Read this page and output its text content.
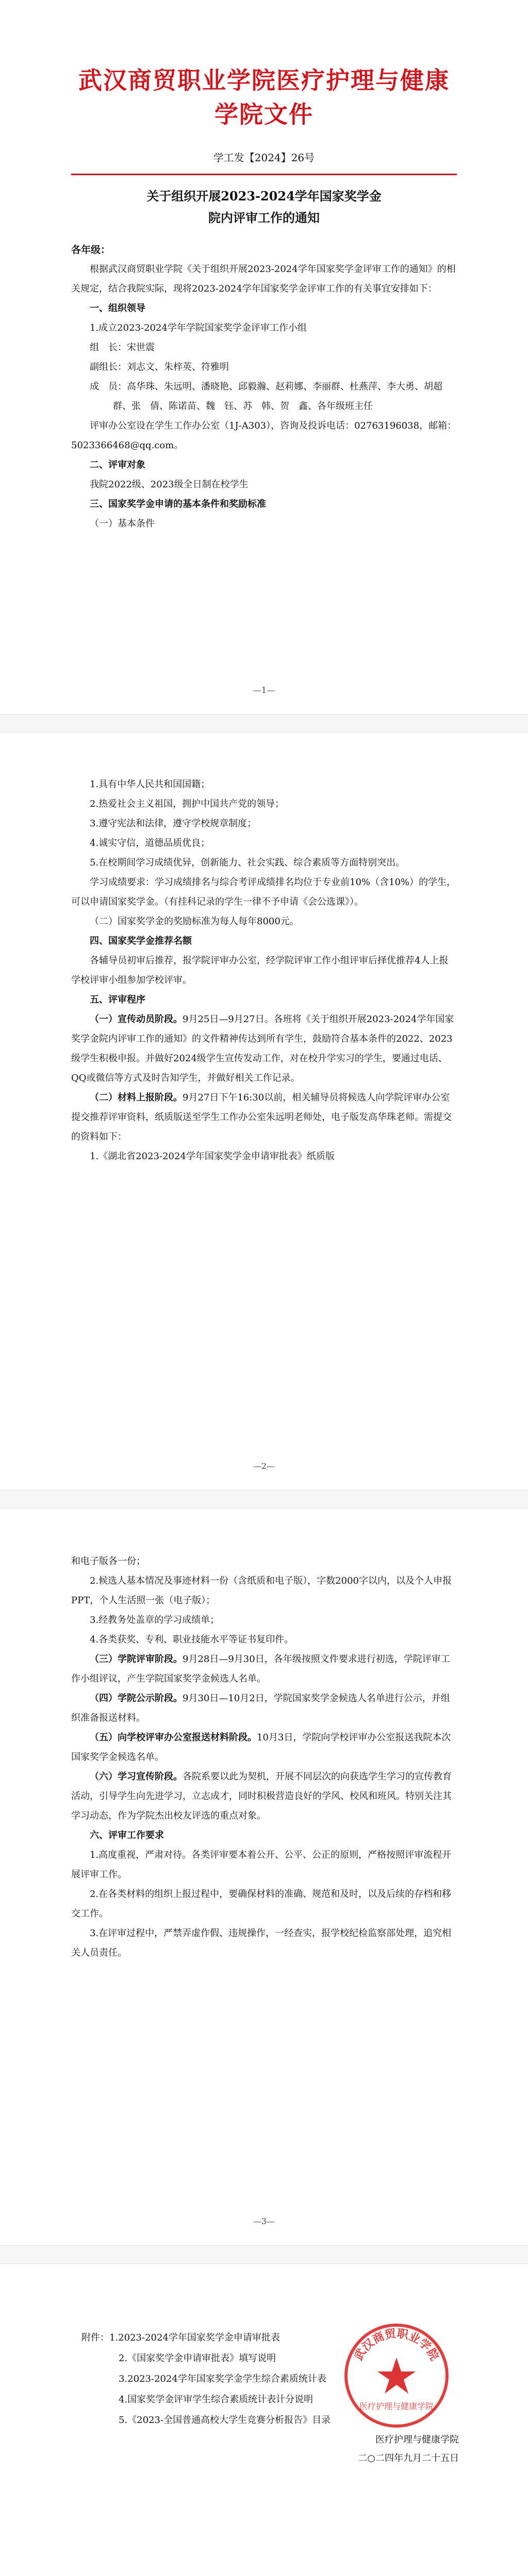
武汉商贸职业学院医疗护理与健康学院文件
学工发【2024】26号
关于组织开展2023-2024学年国家奖学金
院内评审工作的通知
各年级：

根据武汉商贸职业学院《关于组织开展2023-2024学年国家奖学金评审工作的通知》的相关规定，结合我院实际，现将2023-2024学年国家奖学金评审工作的有关事宜安排如下：

一、组织领导

1.成立2023-2024学年学院国家奖学金评审工作小组

组　长：宋世震

副组长：刘志文、朱梓英、符雅明

成　员：高华珠、朱远明、潘晓艳、邱毅瀚、赵莉娜、李丽群、杜燕萍、李大勇、胡超群、张　倩、陈诺苗、魏　钰、苏　韩、贺　鑫、各年级班主任

评审办公室设在学生工作办公室（1J-A303），咨询及投诉电话：02763196038，邮箱：5023366468@qq.com。

二、评审对象

我院2022级、2023级全日制在校学生

三、国家奖学金申请的基本条件和奖励标准

（一）基本条件

—1—

1.具有中华人民共和国国籍；

2.热爱社会主义祖国，拥护中国共产党的领导；

3.遵守宪法和法律，遵守学校规章制度；

4.诚实守信，道德品质优良；

5.在校期间学习成绩优异，创新能力、社会实践、综合素质等方面特别突出。

学习成绩要求：学习成绩排名与综合考评成绩排名均位于专业前10%（含10%）的学生，可以申请国家奖学金。（有挂科记录的学生一律不予申请《会公选课》）。

（二）国家奖学金的奖励标准为每人每年8000元。

四、国家奖学金推荐名额

各辅导员初审后推荐，报学院评审办公室，经学院评审工作小组评审后择优推荐4人上报学校评审小组参加学校评审。

五、评审程序

（一）宣传动员阶段。9月25日—9月27日。各班将《关于组织开展2023-2024学年国家奖学金院内评审工作的通知》的文件精神传达到所有学生，鼓励符合基本条件的2022、2023级学生积极申报。并做好2024级学生宣传发动工作，对在校升学实习的学生，要通过电话、QQ或微信等方式及时告知学生，并做好相关工作记录。

（二）材料上报阶段。9月27日下午16:30以前，相关辅导员将候选人向学院评审办公室提交推荐评审资料，纸质版送至学生工作办公室朱远明老师处，电子版发高华珠老师。需提交的资料如下：

1.《湖北省2023-2024学年国家奖学金申请审批表》纸质版

—2—

和电子版各一份；

2.候选人基本情况及事迹材料一份（含纸质和电子版），字数2000字以内，以及个人申报PPT，个人生活照一张（电子版）；

3.经教务处盖章的学习成绩单；

4.各类获奖、专利、职业技能水平等证书复印件。

（三）学院评审阶段。9月28日—9月30日，各年级按照文件要求进行初选，学院评审工作小组评议，产生学院国家奖学金候选人名单。

（四）学院公示阶段。9月30日—10月2日，学院国家奖学金候选人名单进行公示，并组织准备报送材料。

（五）向学校评审办公室报送材料阶段。10月3日，学院向学校评审办公室报送我院本次国家奖学金候选名单。

（六）学习宣传阶段。各院系要以此为契机，开展不同层次的向获选学生学习的宣传教育活动，引导学生向先进学习，立志成才，同时积极营造良好的学风、校风和班风。特别关注其学习动态，作为学院杰出校友评选的重点对象。

六、评审工作要求

1.高度重视，严肃对待。各类评审要本着公开、公平、公正的原则，严格按照评审流程开展评审工作。

2.在各类材料的组织上报过程中，要确保材料的准确、规范和及时，以及后续的存档和移交工作。

3.在评审过程中，严禁弄虚作假、违规操作，一经查实，报学校纪检监察部处理，追究相关人员责任。

—3—

附件：1.2023-2024学年国家奖学金申请审批表

2.《国家奖学金申请审批表》填写说明

3.2023-2024学年国家奖学金学生综合素质统计表

4.国家奖学金评审学生综合素质统计表计分说明

5.《2023-全国普通高校大学生竞赛分析报告》目录

武汉商贸职业学院
医疗护理与健康学院
医疗护理与健康学院
二○二四年九月二十五日
